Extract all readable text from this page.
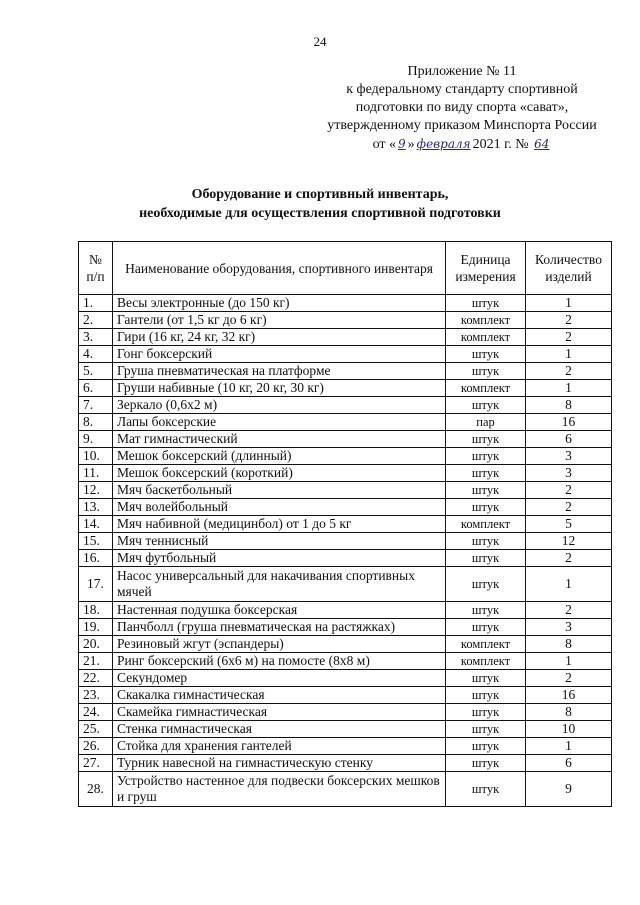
24
Приложение № 11
к федеральному стандарту спортивной
подготовки по виду спорта «сават»,
утвержденному приказом Минспорта России
от « 9 » февраля 2021 г. № 64
Оборудование и спортивный инвентарь,
необходимые для осуществления спортивной подготовки
№ п/п	Наименование оборудования, спортивного инвентаря	Единица измерения	Количество изделий
1.	Весы электронные (до 150 кг)	штук	1
2.	Гантели (от 1,5 кг до 6 кг)	комплект	2
3.	Гири (16 кг, 24 кг, 32 кг)	комплект	2
4.	Гонг боксерский	штук	1
5.	Груша пневматическая на платформе	штук	2
6.	Груши набивные (10 кг, 20 кг, 30 кг)	комплект	1
7.	Зеркало (0,6х2 м)	штук	8
8.	Лапы боксерские	пар	16
9.	Мат гимнастический	штук	6
10.	Мешок боксерский (длинный)	штук	3
11.	Мешок боксерский (короткий)	штук	3
12.	Мяч баскетбольный	штук	2
13.	Мяч волейбольный	штук	2
14.	Мяч набивной (медицинбол) от 1 до 5 кг	комплект	5
15.	Мяч теннисный	штук	12
16.	Мяч футбольный	штук	2
17.	Насос универсальный для накачивания спортивных мячей	штук	1
18.	Настенная подушка боксерская	штук	2
19.	Панчболл (груша пневматическая на растяжках)	штук	3
20.	Резиновый жгут (эспандеры)	комплект	8
21.	Ринг боксерский (6х6 м) на помосте (8х8 м)	комплект	1
22.	Секундомер	штук	2
23.	Скакалка гимнастическая	штук	16
24.	Скамейка гимнастическая	штук	8
25.	Стенка гимнастическая	штук	10
26.	Стойка для хранения гантелей	штук	1
27.	Турник навесной на гимнастическую стенку	штук	6
28.	Устройство настенное для подвески боксерских мешков и груш	штук	9
